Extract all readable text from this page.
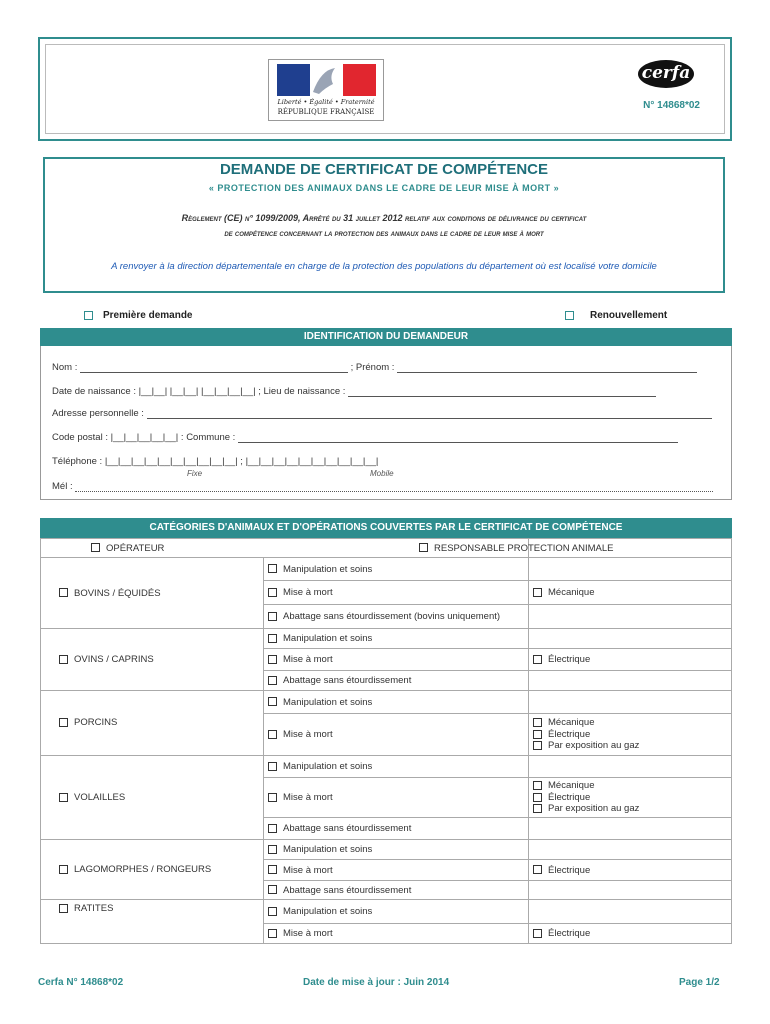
Liberté • Égalité • Fraternité
RÉPUBLIQUE FRANÇAISE
cerfa
N° 14868*02
DEMANDE DE CERTIFICAT DE COMPÉTENCE
« PROTECTION DES ANIMAUX DANS LE CADRE DE LEUR MISE À MORT »
Règlement (CE) n° 1099/2009, Arrêté du 31 juillet 2012 relatif aux conditions de délivrance du certificat
de compétence concernant la protection des animaux dans le cadre de leur mise à mort
A renvoyer à la direction départementale en charge de la protection des populations du département où est localisé votre domicile
Première demande	Renouvellement
IDENTIFICATION DU DEMANDEUR
Nom :	; Prénom :
Date de naissance : |__|__| |__|__| |__|__|__|__| ; Lieu de naissance :
Adresse personnelle :
Code postal : |__|__|__|__|__| : Commune :
Téléphone : |__|__|__|__|__|__|__|__|__|__| ; |__|__|__|__|__|__|__|__|__|__|
Fixe	Mobile
Mél :
CATÉGORIES D'ANIMAUX ET D'OPÉRATIONS COUVERTES PAR LE CERTIFICAT DE COMPÉTENCE
OPÉRATEUR		RESPONSABLE PROTECTION ANIMALE
BOVINS / ÉQUIDÉS	Manipulation et soins	
	Mise à mort	Mécanique
	Abattage sans étourdissement (bovins uniquement)	
OVINS / CAPRINS	Manipulation et soins	
	Mise à mort	Électrique
	Abattage sans étourdissement	
PORCINS	Manipulation et soins	
	Mise à mort	Mécanique
Électrique
Par exposition au gaz

VOLAILLES	Manipulation et soins	
	Mise à mort	Mécanique
Électrique
Par exposition au gaz

	Abattage sans étourdissement	
LAGOMORPHES / RONGEURS	Manipulation et soins	
	Mise à mort	Électrique
	Abattage sans étourdissement	
RATITES	Manipulation et soins	
	Mise à mort	Électrique
Cerfa N° 14868*02	Date de mise à jour : Juin 2014	Page 1/2
